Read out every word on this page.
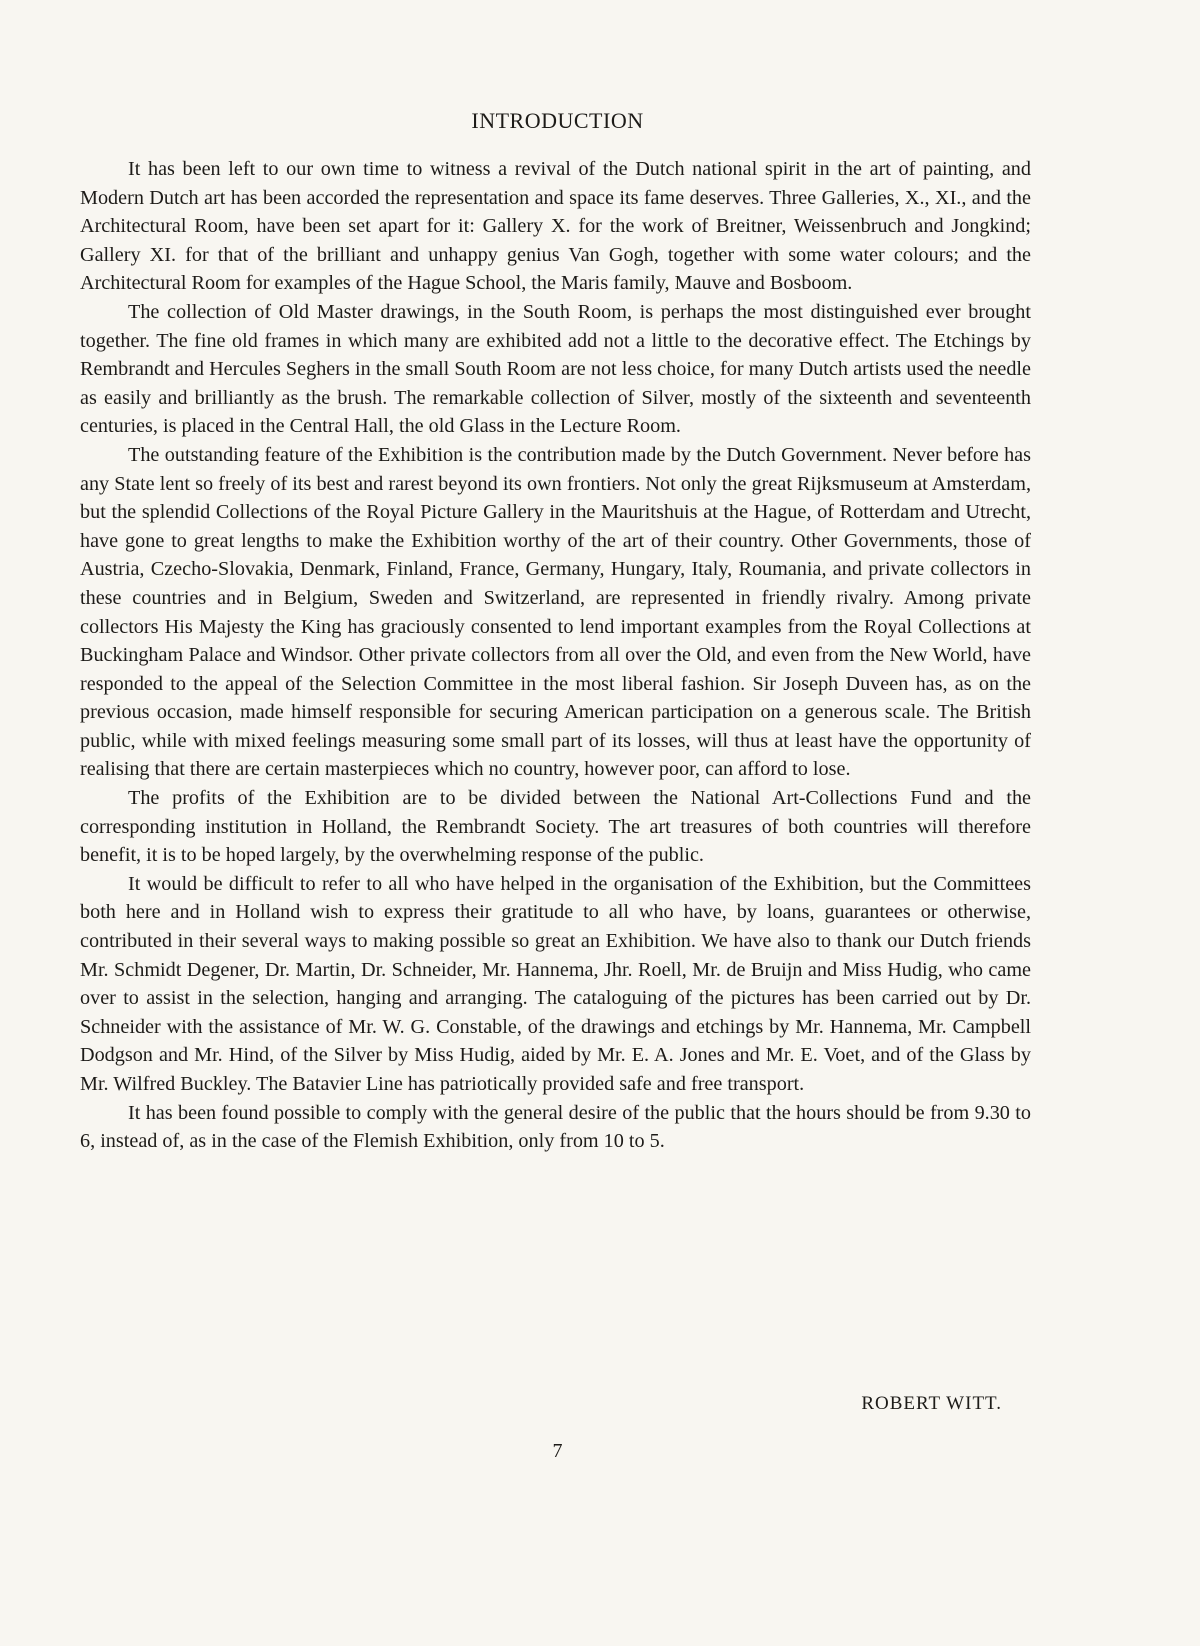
INTRODUCTION

It has been left to our own time to witness a revival of the Dutch national spirit in the art of painting, and Modern Dutch art has been accorded the representation and space its fame deserves. Three Galleries, X., XI., and the Architectural Room, have been set apart for it: Gallery X. for the work of Breitner, Weissenbruch and Jongkind; Gallery XI. for that of the brilliant and unhappy genius Van Gogh, together with some water colours; and the Architectural Room for examples of the Hague School, the Maris family, Mauve and Bosboom.

The collection of Old Master drawings, in the South Room, is perhaps the most distinguished ever brought together. The fine old frames in which many are exhibited add not a little to the decorative effect. The Etchings by Rembrandt and Hercules Seghers in the small South Room are not less choice, for many Dutch artists used the needle as easily and brilliantly as the brush. The remarkable collection of Silver, mostly of the sixteenth and seventeenth centuries, is placed in the Central Hall, the old Glass in the Lecture Room.

The outstanding feature of the Exhibition is the contribution made by the Dutch Government. Never before has any State lent so freely of its best and rarest beyond its own frontiers. Not only the great Rijksmuseum at Amsterdam, but the splendid Collections of the Royal Picture Gallery in the Mauritshuis at the Hague, of Rotterdam and Utrecht, have gone to great lengths to make the Exhibition worthy of the art of their country. Other Governments, those of Austria, Czecho-Slovakia, Denmark, Finland, France, Germany, Hungary, Italy, Roumania, and private collectors in these countries and in Belgium, Sweden and Switzerland, are represented in friendly rivalry. Among private collectors His Majesty the King has graciously consented to lend important examples from the Royal Collections at Buckingham Palace and Windsor. Other private collectors from all over the Old, and even from the New World, have responded to the appeal of the Selection Committee in the most liberal fashion. Sir Joseph Duveen has, as on the previous occasion, made himself responsible for securing American participation on a generous scale. The British public, while with mixed feelings measuring some small part of its losses, will thus at least have the opportunity of realising that there are certain masterpieces which no country, however poor, can afford to lose.

The profits of the Exhibition are to be divided between the National Art-Collections Fund and the corresponding institution in Holland, the Rembrandt Society. The art treasures of both countries will therefore benefit, it is to be hoped largely, by the overwhelming response of the public.

It would be difficult to refer to all who have helped in the organisation of the Exhibition, but the Committees both here and in Holland wish to express their gratitude to all who have, by loans, guarantees or otherwise, contributed in their several ways to making possible so great an Exhibition. We have also to thank our Dutch friends Mr. Schmidt Degener, Dr. Martin, Dr. Schneider, Mr. Hannema, Jhr. Roell, Mr. de Bruijn and Miss Hudig, who came over to assist in the selection, hanging and arranging. The cataloguing of the pictures has been carried out by Dr. Schneider with the assistance of Mr. W. G. Constable, of the drawings and etchings by Mr. Hannema, Mr. Campbell Dodgson and Mr. Hind, of the Silver by Miss Hudig, aided by Mr. E. A. Jones and Mr. E. Voet, and of the Glass by Mr. Wilfred Buckley. The Batavier Line has patriotically provided safe and free transport.

It has been found possible to comply with the general desire of the public that the hours should be from 9.30 to 6, instead of, as in the case of the Flemish Exhibition, only from 10 to 5.

ROBERT WITT.

7
